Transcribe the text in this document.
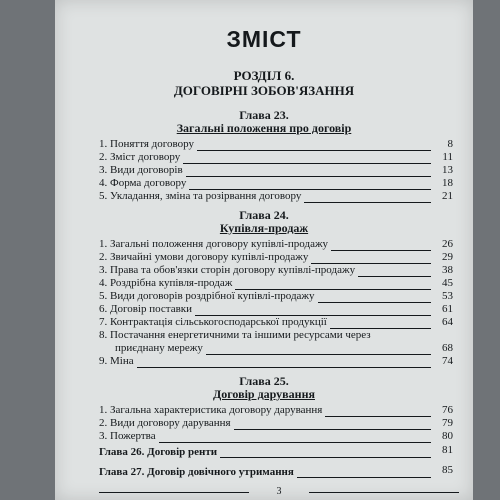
ЗМІСТ
РОЗДІЛ 6.
ДОГОВІРНІ ЗОБОВ'ЯЗАННЯ
Глава 23.
Загальні положення про договір
1. Поняття договору	8
2. Зміст договору	11
3. Види договорів	13
4. Форма договору	18
5. Укладання, зміна та розірвання договору	21
Глава 24.
Купівля-продаж
1. Загальні положення договору купівлі-продажу	26
2. Звичайні умови договору купівлі-продажу	29
3. Права та обов'язки сторін договору купівлі-продажу	38
4. Роздрібна купівля-продаж	45
5. Види договорів роздрібної купівлі-продажу	53
6. Договір поставки	61
7. Контрактація сільськогосподарської продукції	64
8. Постачання енергетичними та іншими ресурсами через
приєднану мережу	68
9. Міна	74
Глава 25.
Договір дарування
1. Загальна характеристика договору дарування	76
2. Види договору дарування	79
3. Пожертва	80
Глава 26. Договір ренти	81
3
Глава 27. Договір довічного утримання	85
